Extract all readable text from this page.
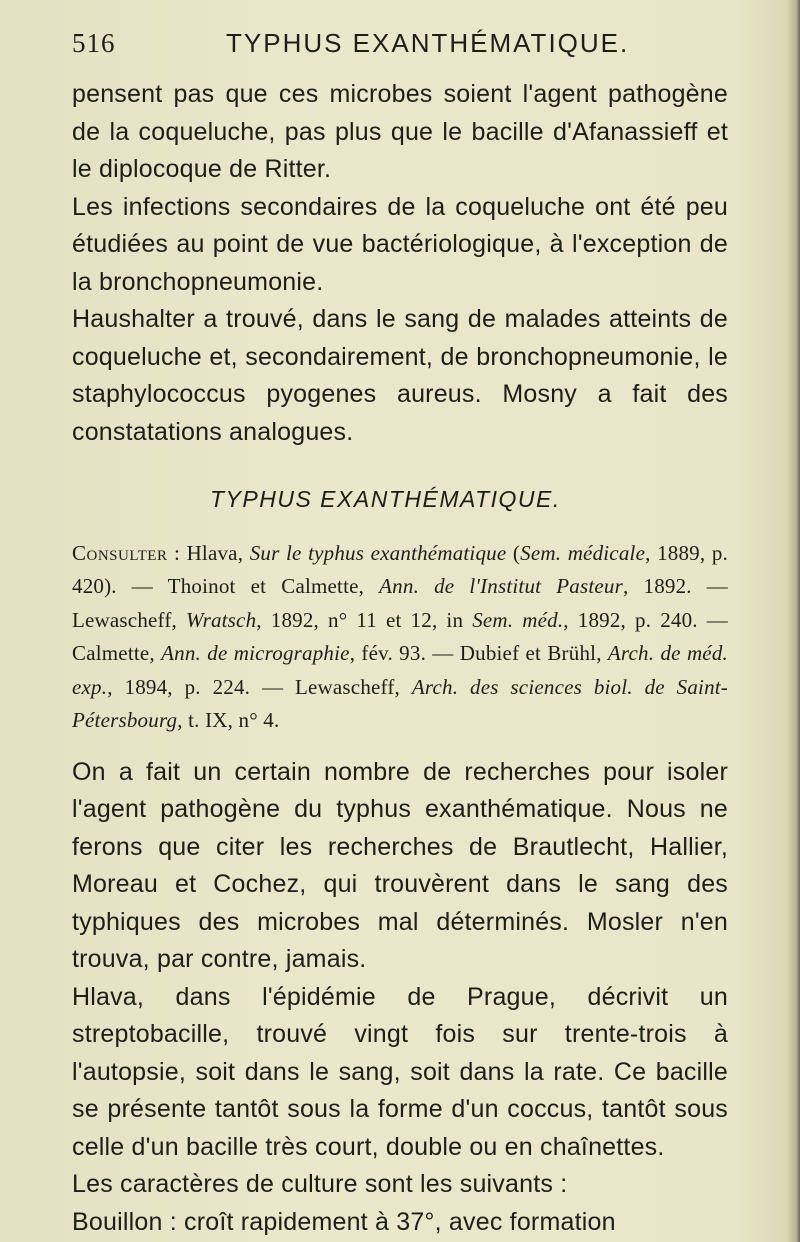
516	TYPHUS EXANTHÉMATIQUE.

pensent pas que ces microbes soient l'agent pathogène de la coqueluche, pas plus que le bacille d'Afanassieff et le diplocoque de Ritter.

Les infections secondaires de la coqueluche ont été peu étudiées au point de vue bactériologique, à l'exception de la bronchopneumonie.

Haushalter a trouvé, dans le sang de malades atteints de coqueluche et, secondairement, de bronchopneumonie, le staphylococcus pyogenes aureus. Mosny a fait des constatations analogues.

TYPHUS EXANTHÉMATIQUE.

Consulter : Hlava, Sur le typhus exanthématique (Sem. médicale, 1889, p. 420). — Thoinot et Calmette, Ann. de l'Institut Pasteur, 1892. — Lewascheff, Wratsch, 1892, n° 11 et 12, in Sem. méd., 1892, p. 240. — Calmette, Ann. de micrographie, fév. 93. — Dubief et Brühl, Arch. de méd. exp., 1894, p. 224. — Lewascheff, Arch. des sciences biol. de Saint-Pétersbourg, t. IX, n° 4.

On a fait un certain nombre de recherches pour isoler l'agent pathogène du typhus exanthématique. Nous ne ferons que citer les recherches de Brautlecht, Hallier, Moreau et Cochez, qui trouvèrent dans le sang des typhiques des microbes mal déterminés. Mosler n'en trouva, par contre, jamais.

Hlava, dans l'épidémie de Prague, décrivit un streptobacille, trouvé vingt fois sur trente-trois à l'autopsie, soit dans le sang, soit dans la rate. Ce bacille se présente tantôt sous la forme d'un coccus, tantôt sous celle d'un bacille très court, double ou en chaînettes.

Les caractères de culture sont les suivants :

Bouillon : croît rapidement à 37°, avec formation
